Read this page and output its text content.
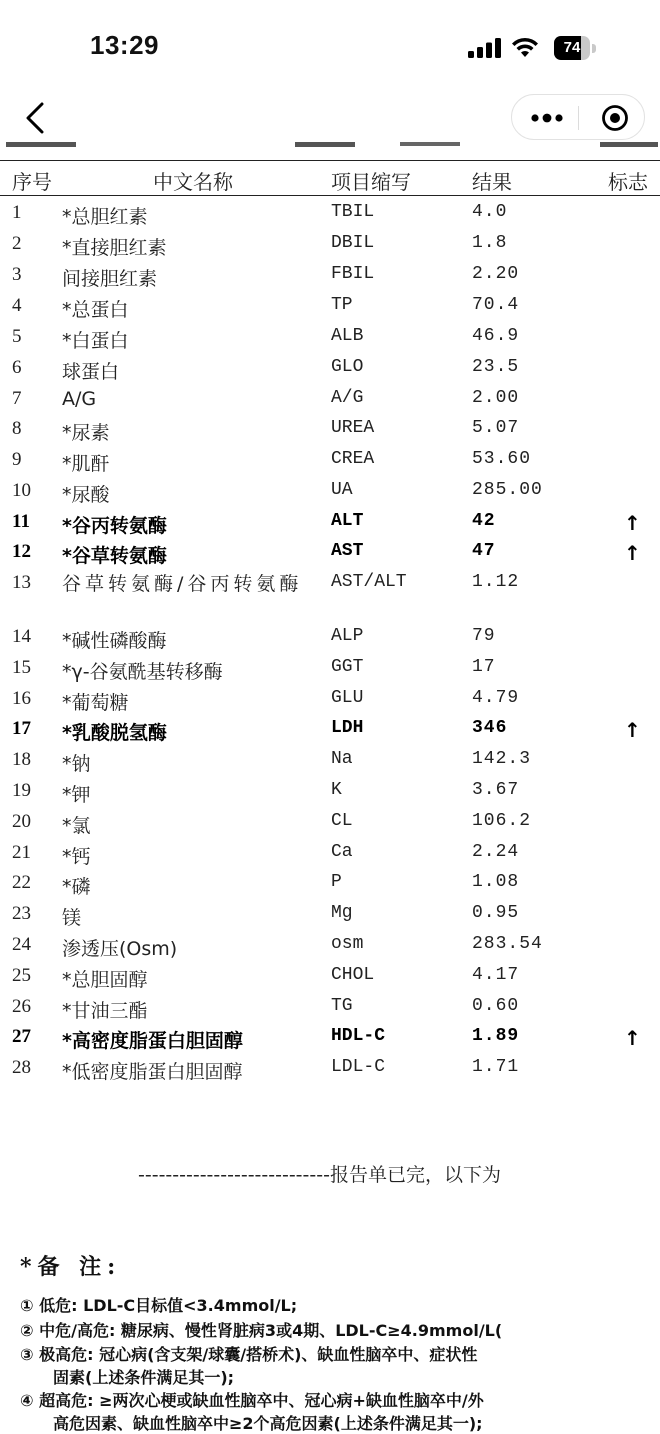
13:29	74
序号	中文名称	项目缩写	结果	标志
1	*总胆红素	TBIL	4.0
2	*直接胆红素	DBIL	1.8
3	间接胆红素	FBIL	2.20
4	*总蛋白	TP	70.4
5	*白蛋白	ALB	46.9
6	球蛋白	GLO	23.5
7	A/G	A/G	2.00
8	*尿素	UREA	5.07
9	*肌酐	CREA	53.60
10	*尿酸	UA	285.00
11	*谷丙转氨酶	ALT	42	↑
12	*谷草转氨酶	AST	47	↑
13	谷草转氨酶/谷丙转氨酶	AST/ALT	1.12
14	*碱性磷酸酶	ALP	79
15	*γ-谷氨酰基转移酶	GGT	17
16	*葡萄糖	GLU	4.79
17	*乳酸脱氢酶	LDH	346	↑
18	*钠	Na	142.3
19	*钾	K	3.67
20	*氯	CL	106.2
21	*钙	Ca	2.24
22	*磷	P	1.08
23	镁	Mg	0.95
24	渗透压(Osm)	osm	283.54
25	*总胆固醇	CHOL	4.17
26	*甘油三酯	TG	0.60
27	*高密度脂蛋白胆固醇	HDL-C	1.89	↑
28	*低密度脂蛋白胆固醇	LDL-C	1.71
----------------------------报告单已完，以下为
*备 注:
① 低危: LDL-C目标值<3.4mmol/L;
② 中危/高危: 糖尿病、慢性肾脏病3或4期、LDL-C≥4.9mmol/L(
③ 极高危: 冠心病(含支架/球囊/搭桥术)、缺血性脑卒中、症状性
固素(上述条件满足其一);
④ 超高危: ≥两次心梗或缺血性脑卒中、冠心病+缺血性脑卒中/外
高危因素、缺血性脑卒中≥2个高危因素(上述条件满足其一);
